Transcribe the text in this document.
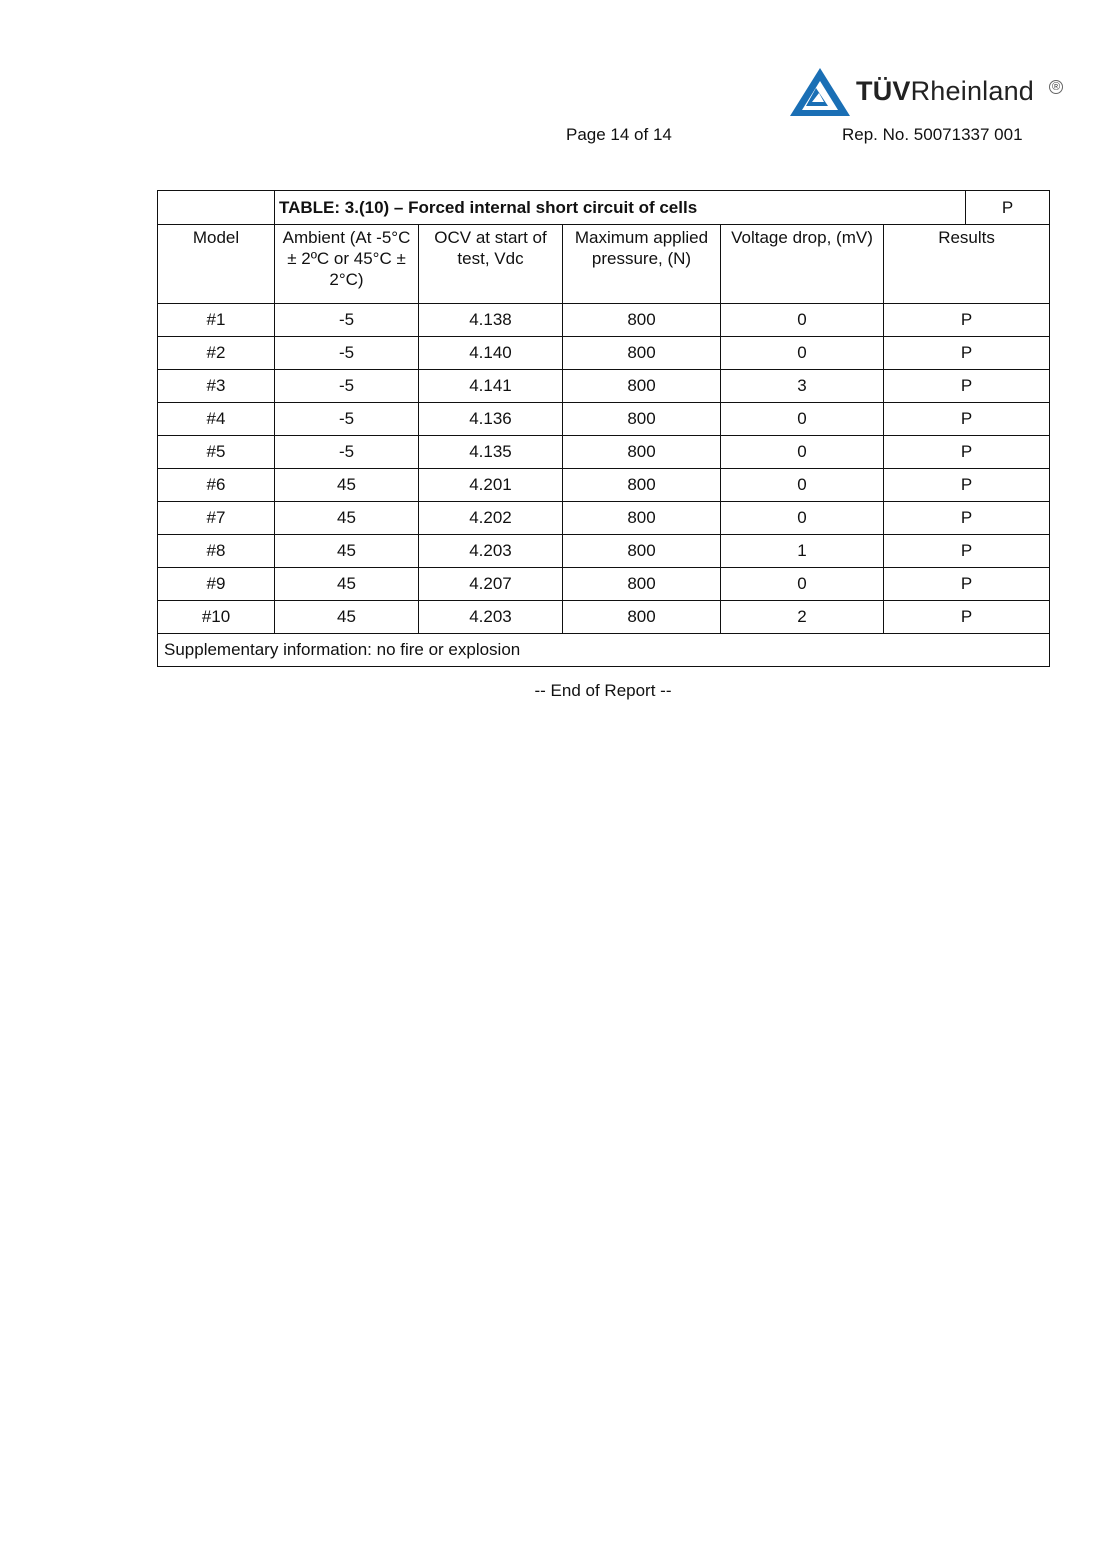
TÜVRheinland ®
Page 14 of 14	Rep. No. 50071337 001
	TABLE: 3.(10) – Forced internal short circuit of cells					P
Model	Ambient (At -5°C ± 2ºC or 45°C ± 2°C)	OCV at start of test, Vdc	Maximum applied pressure, (N)	Voltage drop, (mV)	Results	
#1	-5	4.138	800	0	P	
#2	-5	4.140	800	0	P	
#3	-5	4.141	800	3	P	
#4	-5	4.136	800	0	P	
#5	-5	4.135	800	0	P	
#6	45	4.201	800	0	P	
#7	45	4.202	800	0	P	
#8	45	4.203	800	1	P	
#9	45	4.207	800	0	P	
#10	45	4.203	800	2	P	
Supplementary information: no fire or explosion						
-- End of Report --
